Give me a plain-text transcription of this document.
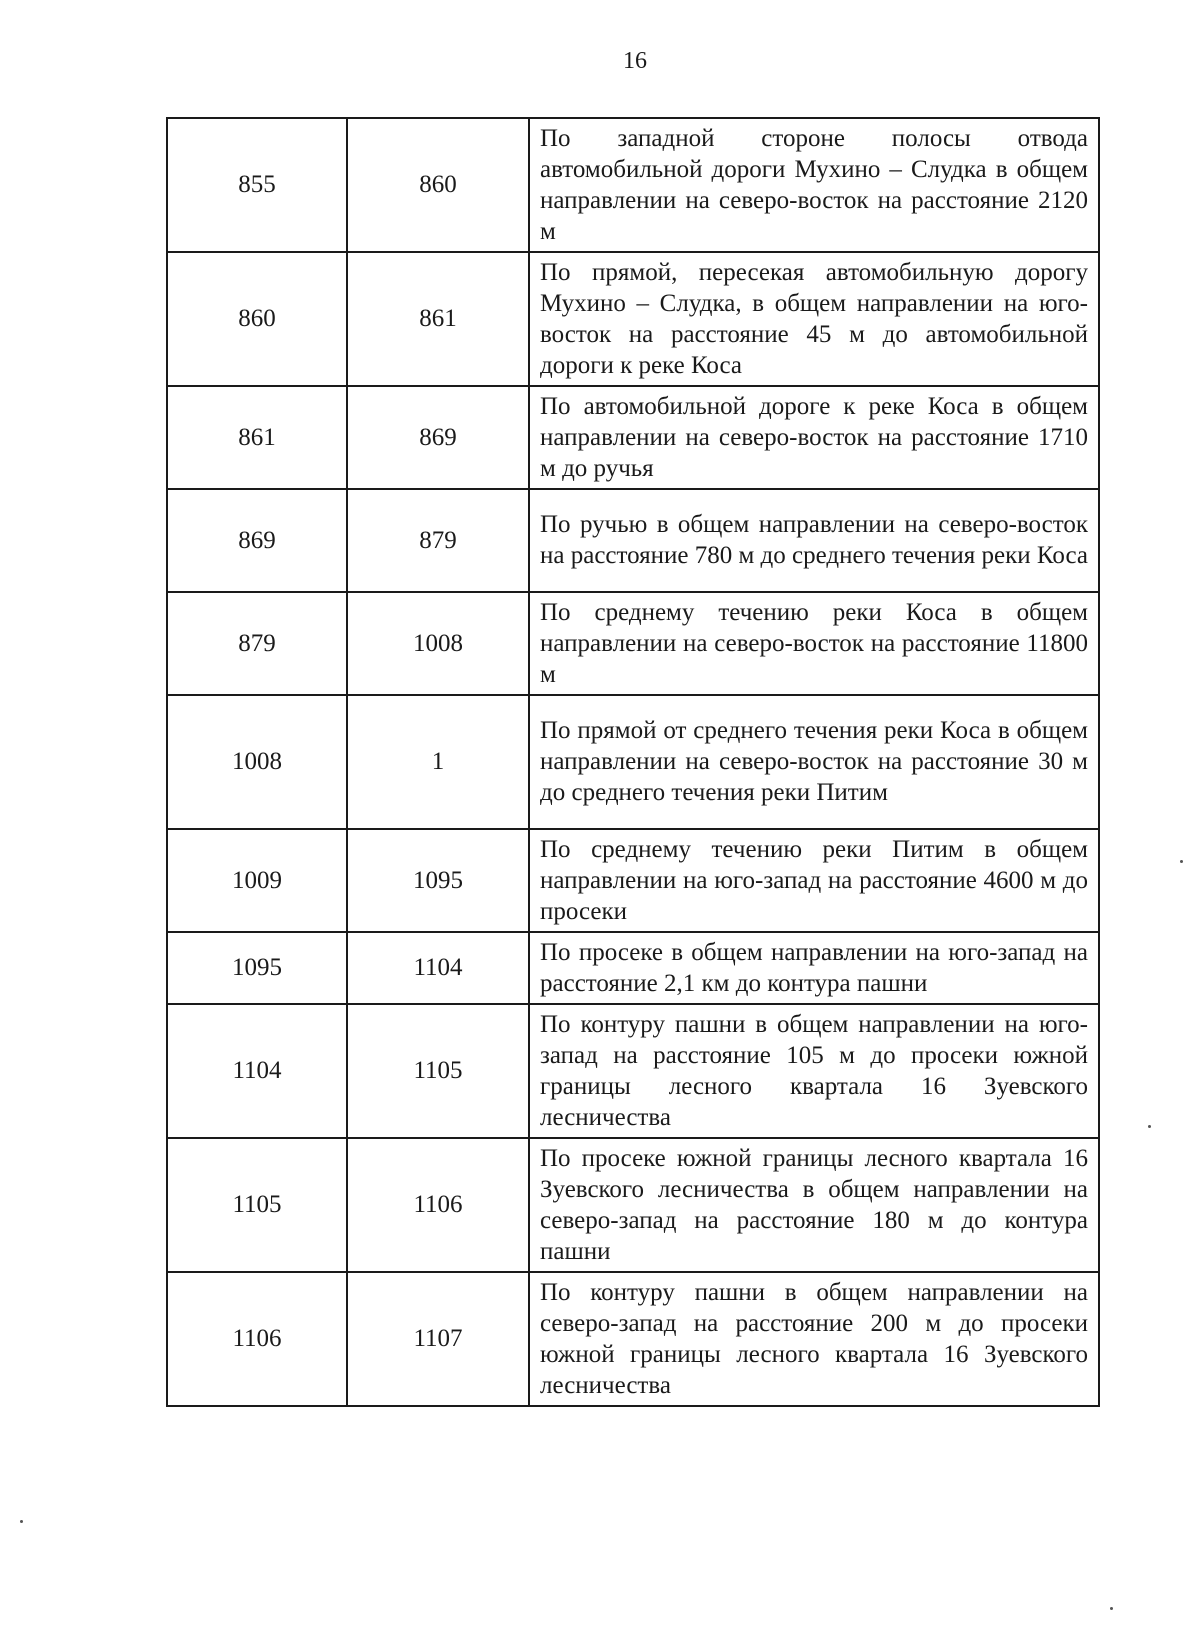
16
855	860	По западной стороне полосы отвода автомобильной дороги Мухино – Слудка в общем направлении на северо-восток на расстояние 2120 м
860	861	По прямой, пересекая автомобильную дорогу Мухино – Слудка, в общем направлении на юго-восток на расстояние 45 м до автомобильной дороги к реке Коса
861	869	По автомобильной дороге к реке Коса в общем направлении на северо-восток на расстояние 1710 м до ручья
869	879	По ручью в общем направлении на северо-восток на расстояние 780 м до среднего течения реки Коса
879	1008	По среднему течению реки Коса в общем направлении на северо-восток на расстояние 11800 м
1008	1	По прямой от среднего течения реки Коса в общем направлении на северо-восток на расстояние 30 м до среднего течения реки Питим
1009	1095	По среднему течению реки Питим в общем направлении на юго-запад на расстояние 4600 м до просеки
1095	1104	По просеке в общем направлении на юго-запад на расстояние 2,1 км до контура пашни
1104	1105	По контуру пашни в общем направлении на юго-запад на расстояние 105 м до просеки южной границы лесного квартала 16 Зуевского лесничества
1105	1106	По просеке южной границы лесного квартала 16 Зуевского лесничества в общем направлении на северо-запад на расстояние 180 м до контура пашни
1106	1107	По контуру пашни в общем направлении на северо-запад на расстояние 200 м до просеки южной границы лесного квартала 16 Зуевского лесничества
